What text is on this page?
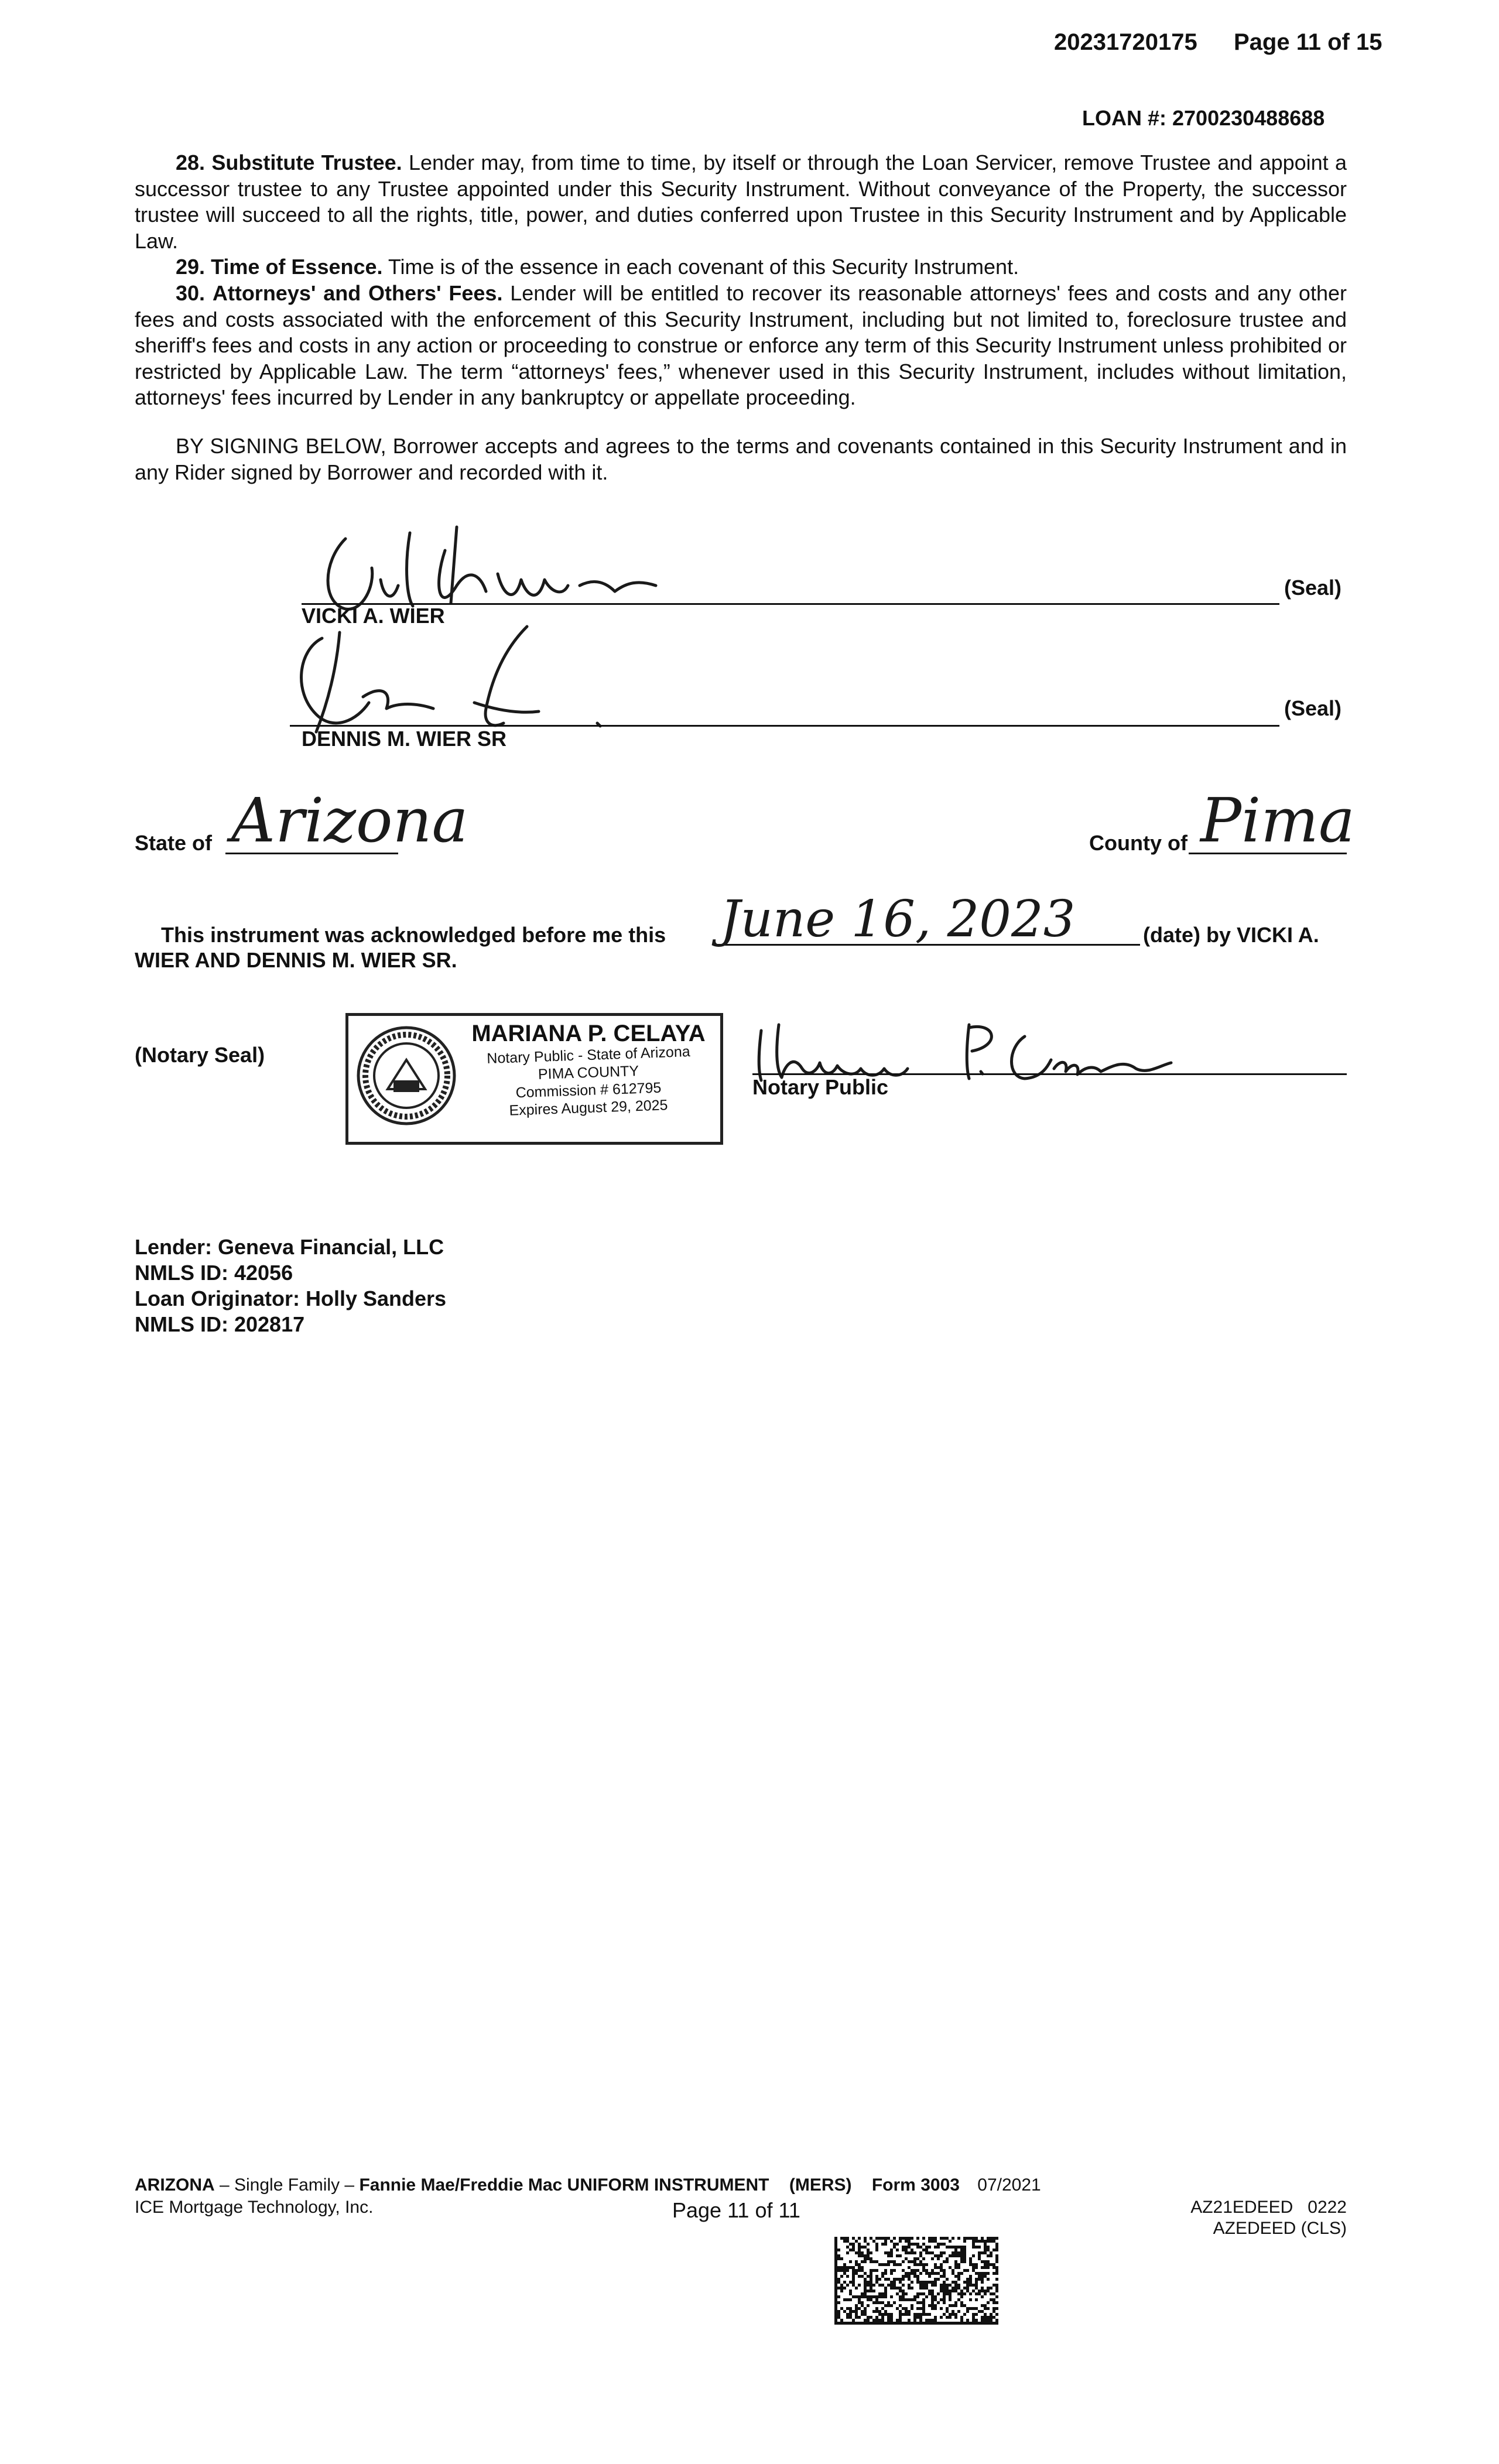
20231720175 Page 11 of 15
LOAN #: 2700230488688

28. Substitute Trustee. Lender may, from time to time, by itself or through the Loan Servicer, remove Trustee and appoint a successor trustee to any Trustee appointed under this Security Instrument. Without conveyance of the Property, the successor trustee will succeed to all the rights, title, power, and duties conferred upon Trustee in this Security Instrument and by Applicable Law.

29. Time of Essence. Time is of the essence in each covenant of this Security Instrument.

30. Attorneys' and Others' Fees. Lender will be entitled to recover its reasonable attorneys' fees and costs and any other fees and costs associated with the enforcement of this Security Instrument, including but not limited to, foreclosure trustee and sheriff's fees and costs in any action or proceeding to construe or enforce any term of this Security Instrument unless prohibited or restricted by Applicable Law. The term “attorneys' fees,” whenever used in this Security Instrument, includes without limitation, attorneys' fees incurred by Lender in any bankruptcy or appellate proceeding.

BY SIGNING BELOW, Borrower accepts and agrees to the terms and covenants contained in this Security Instrument and in any Rider signed by Borrower and recorded with it.
VICKI A. WIER
(Seal)
DENNIS M. WIER SR
(Seal)
State of Arizona	County of Pima
This instrument was acknowledged before me this June 16, 2023	(date) by VICKI A.
WIER AND DENNIS M. WIER SR.
(Notary Seal)
MARIANA P. CELAYA
Notary Public - State of Arizona
PIMA COUNTY
Commission # 612795
Expires August 29, 2025
Notary Public
Lender: Geneva Financial, LLC
NMLS ID: 42056
Loan Originator: Holly Sanders
NMLS ID: 202817
ARIZONA – Single Family – Fannie Mae/Freddie Mac UNIFORM INSTRUMENT (MERS) Form 3003 07/2021
ICE Mortgage Technology, Inc.	Page 11 of 11	AZ21EDEED   0222
AZEDEED (CLS)
